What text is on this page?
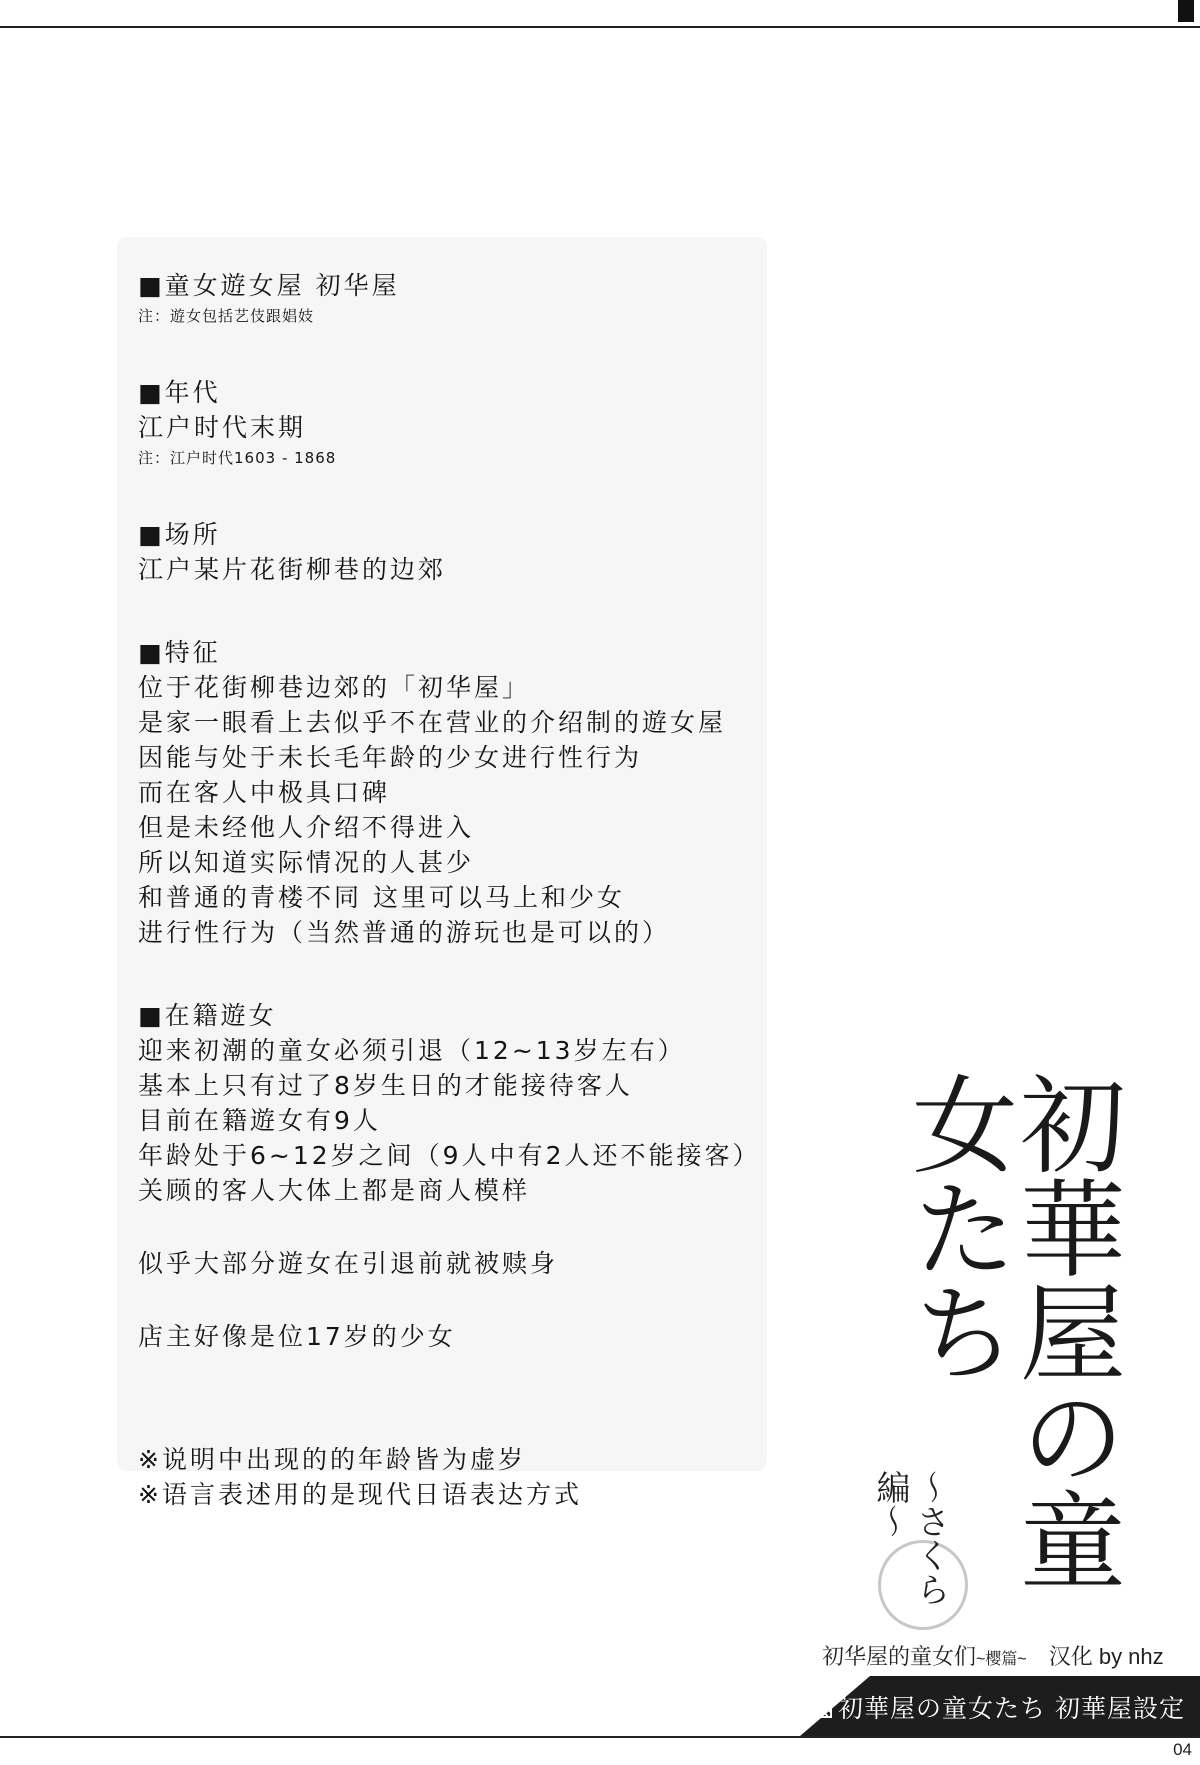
■童女遊女屋 初华屋
注：遊女包括艺伎跟娼妓
■年代
江户时代末期
注：江户时代1603 - 1868
■场所
江户某片花街柳巷的边郊
■特征
位于花街柳巷边郊的「初华屋」
是家一眼看上去似乎不在营业的介绍制的遊女屋
因能与处于未长毛年龄的少女进行性行为
而在客人中极具口碑
但是未经他人介绍不得进入
所以知道实际情况的人甚少
和普通的青楼不同 这里可以马上和少女
进行性行为（当然普通的游玩也是可以的）
■在籍遊女
迎来初潮的童女必须引退（12~13岁左右）
基本上只有过了8岁生日的才能接待客人
目前在籍遊女有9人
年龄处于6~12岁之间（9人中有2人还不能接客）
关顾的客人大体上都是商人模样
似乎大部分遊女在引退前就被赎身
店主好像是位17岁的少女
※说明中出现的的年龄皆为虚岁
※语言表述用的是现代日语表达方式	初華屋の童女たち
〜さくら編〜
初华屋的童女们~樱篇~ 汉化 by nhz
初華屋の童女たち 初華屋設定
04
